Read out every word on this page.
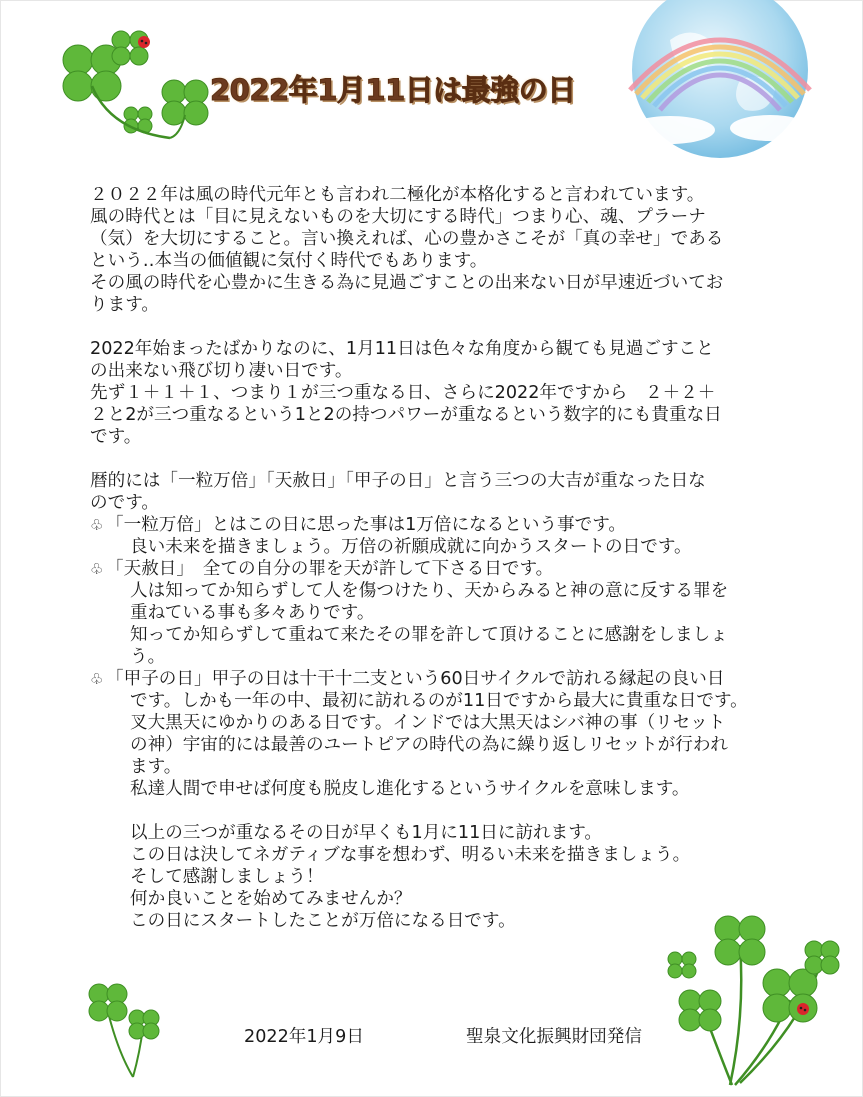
2022年1月11日は最強の日
２０２２年は風の時代元年とも言われ二極化が本格化すると言われています。
風の時代とは「目に見えないものを大切にする時代」つまり心、魂、プラーナ
（気）を大切にすること。言い換えれば、心の豊かさこそが「真の幸せ」である
という‥本当の価値観に気付く時代でもあります。
その風の時代を心豊かに生きる為に見過ごすことの出来ない日が早速近づいてお
ります。
2022年始まったばかりなのに、1月11日は色々な角度から観ても見過ごすこと
の出来ない飛び切り凄い日です。
先ず１＋１＋１、つまり１が三つ重なる日、さらに2022年ですから　２＋２＋
２と2が三つ重なるという1と2の持つパワーが重なるという数字的にも貴重な日
です。
暦的には「一粒万倍」「天赦日」「甲子の日」と言う三つの大吉が重なった日な
のです。
♧ 「一粒万倍」とはこの日に思った事は1万倍になるという事です。
良い未来を描きましょう。万倍の祈願成就に向かうスタートの日です。
♧ 「天赦日」　全ての自分の罪を天が許して下さる日です。
人は知ってか知らずして人を傷つけたり、天からみると神の意に反する罪を
重ねている事も多々ありです。
知ってか知らずして重ねて来たその罪を許して頂けることに感謝をしましょ
う。
♧ 「甲子の日」甲子の日は十干十二支という60日サイクルで訪れる縁起の良い日
です。しかも一年の中、最初に訪れるのが11日ですから最大に貴重な日です。
叉大黒天にゆかりのある日です。インドでは大黒天はシバ神の事（リセット
の神）宇宙的には最善のユートピアの時代の為に繰り返しリセットが行われ
ます。
私達人間で申せば何度も脱皮し進化するというサイクルを意味します。
以上の三つが重なるその日が早くも1月に11日に訪れます。
この日は決してネガティブな事を想わず、明るい未来を描きましょう。
そして感謝しましょう！
何か良いことを始めてみませんか？
この日にスタートしたことが万倍になる日です。
2022年1月9日	聖泉文化振興財団発信
